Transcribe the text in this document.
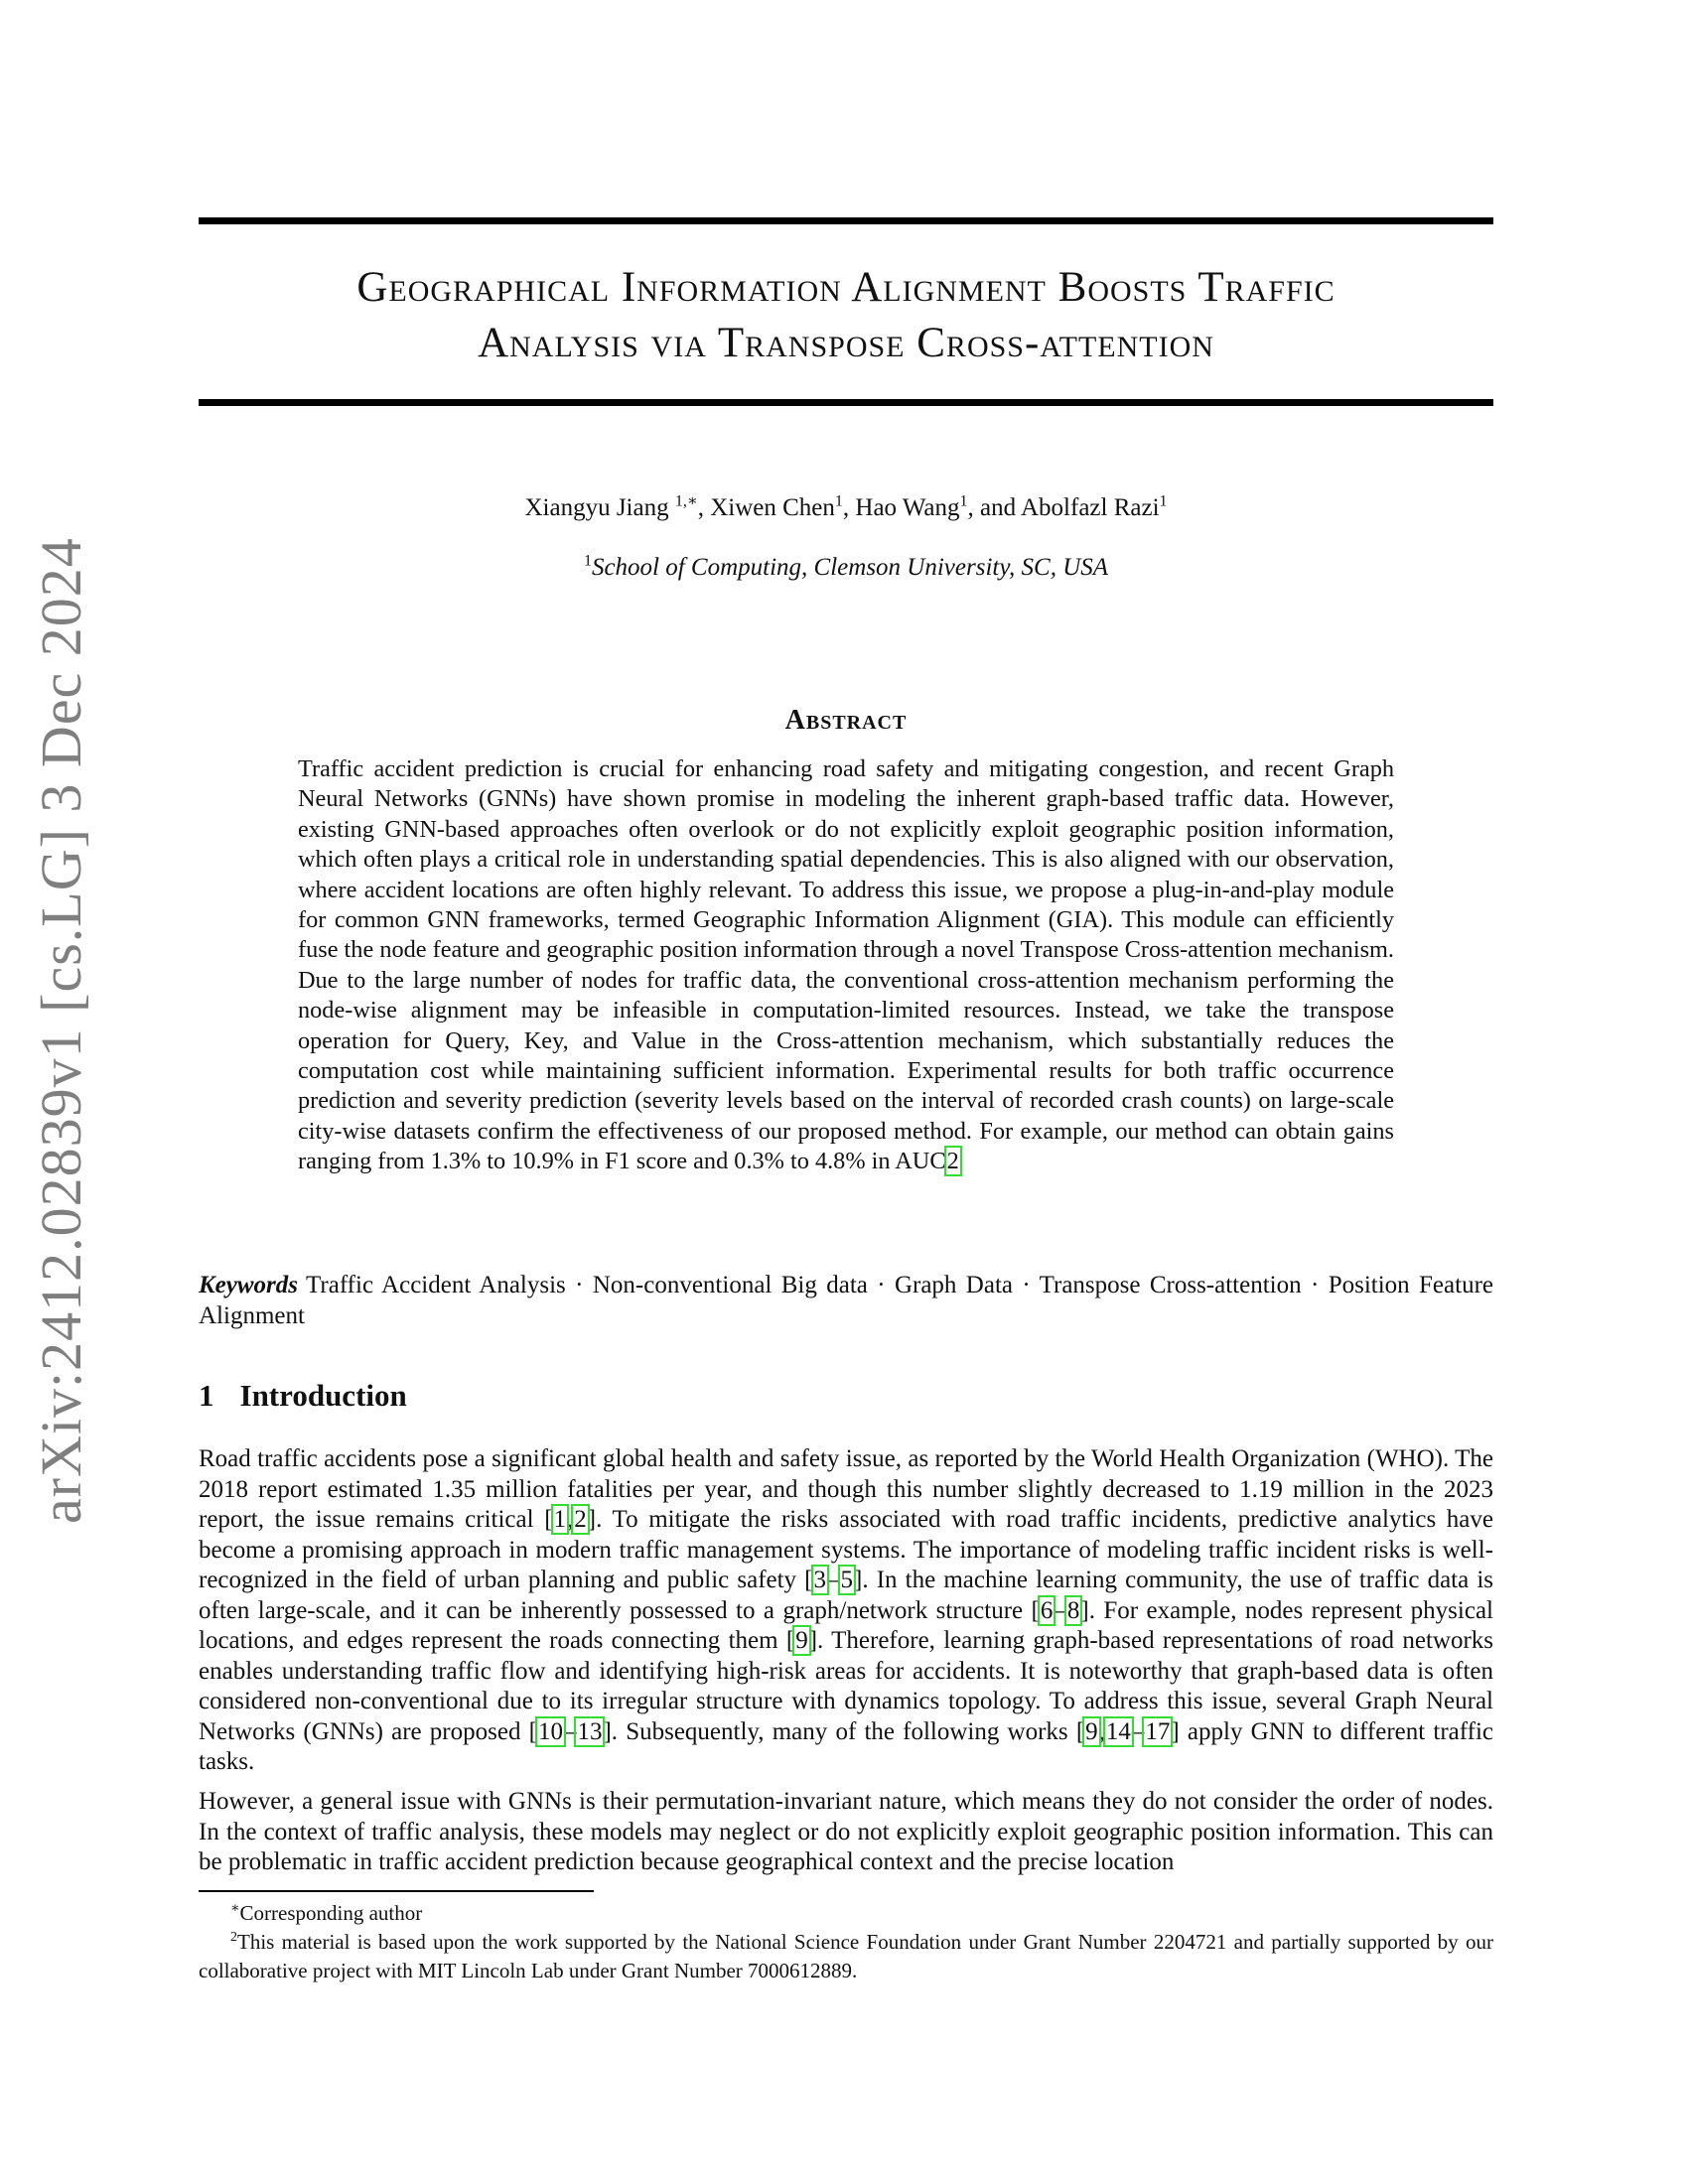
arXiv:2412.02839v1 [cs.LG] 3 Dec 2024
Geographical Information Alignment Boosts Traffic
Analysis via Transpose Cross-attention
Xiangyu Jiang $^{1,∗}$, Xiwen Chen$^1$, Hao Wang$^1$, and Abolfazl Razi$^1$
$^1$School of Computing, Clemson University, SC, USA
Abstract
Traffic accident prediction is crucial for enhancing road safety and mitigating congestion, and recent Graph Neural Networks (GNNs) have shown promise in modeling the inherent graph-based traffic data. However, existing GNN-based approaches often overlook or do not explicitly exploit geographic position information, which often plays a critical role in understanding spatial dependencies. This is also aligned with our observation, where accident locations are often highly relevant. To address this issue, we propose a plug-in-and-play module for common GNN frameworks, termed Geographic Information Alignment (GIA). This module can efficiently fuse the node feature and geographic position information through a novel Transpose Cross-attention mechanism. Due to the large number of nodes for traffic data, the conventional cross-attention mechanism performing the node-wise alignment may be infeasible in computation-limited resources. Instead, we take the transpose operation for Query, Key, and Value in the Cross-attention mechanism, which substantially reduces the computation cost while maintaining sufficient information. Experimental results for both traffic occurrence prediction and severity prediction (severity levels based on the interval of recorded crash counts) on large-scale city-wise datasets confirm the effectiveness of our proposed method. For example, our method can obtain gains ranging from 1.3% to 10.9% in F1 score and 0.3% to 4.8% in AUC2
Keywords Traffic Accident Analysis · Non-conventional Big data · Graph Data · Transpose Cross-attention · Position Feature Alignment
1 Introduction
Road traffic accidents pose a significant global health and safety issue, as reported by the World Health Organization (WHO). The 2018 report estimated 1.35 million fatalities per year, and though this number slightly decreased to 1.19 million in the 2023 report, the issue remains critical [1,2]. To mitigate the risks associated with road traffic incidents, predictive analytics have become a promising approach in modern traffic management systems. The importance of modeling traffic incident risks is well-recognized in the field of urban planning and public safety [3–5]. In the machine learning community, the use of traffic data is often large-scale, and it can be inherently possessed to a graph/network structure [6–8]. For example, nodes represent physical locations, and edges represent the roads connecting them [9]. Therefore, learning graph-based representations of road networks enables understanding traffic flow and identifying high-risk areas for accidents. It is noteworthy that graph-based data is often considered non-conventional due to its irregular structure with dynamics topology. To address this issue, several Graph Neural Networks (GNNs) are proposed [10–13]. Subsequently, many of the following works [9,14–17] apply GNN to different traffic tasks.
However, a general issue with GNNs is their permutation-invariant nature, which means they do not consider the order of nodes. In the context of traffic analysis, these models may neglect or do not explicitly exploit geographic position information. This can be problematic in traffic accident prediction because geographical context and the precise location

∗Corresponding author

$^2$This material is based upon the work supported by the National Science Foundation under Grant Number 2204721 and partially supported by our collaborative project with MIT Lincoln Lab under Grant Number 7000612889.
